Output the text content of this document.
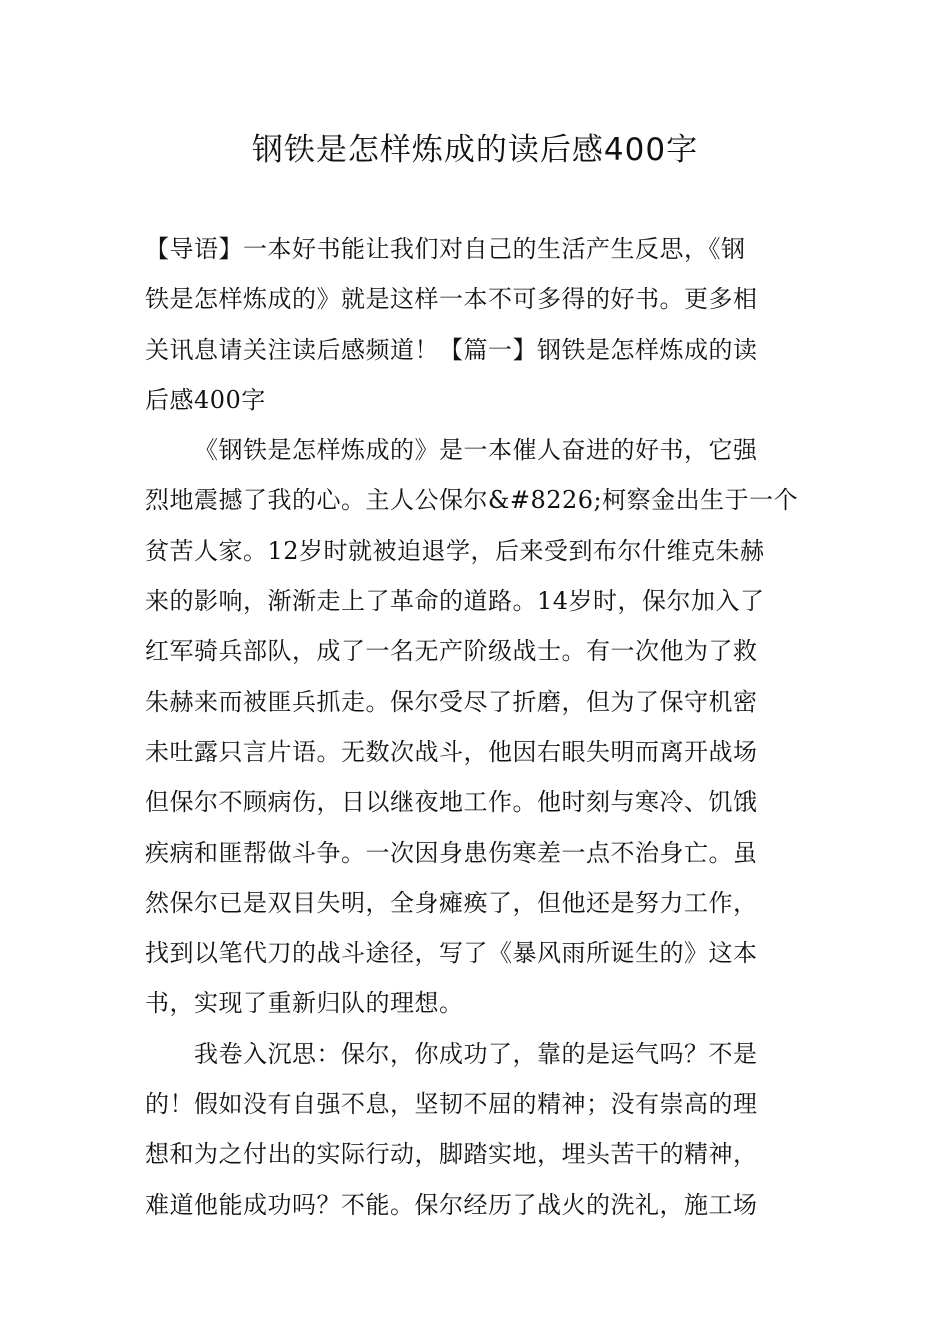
钢铁是怎样炼成的读后感400字
【导语】一本好书能让我们对自己的生活产生反思，《钢
铁是怎样炼成的》就是这样一本不可多得的好书。更多相
关讯息请关注读后感频道！【篇一】钢铁是怎样炼成的读
后感400字
《钢铁是怎样炼成的》是一本催人奋进的好书，它强
烈地震撼了我的心。主人公保尔&#8226;柯察金出生于一个
贫苦人家。12岁时就被迫退学，后来受到布尔什维克朱赫
来的影响，渐渐走上了革命的道路。14岁时，保尔加入了
红军骑兵部队，成了一名无产阶级战士。有一次他为了救
朱赫来而被匪兵抓走。保尔受尽了折磨，但为了保守机密
未吐露只言片语。无数次战斗，他因右眼失明而离开战场
但保尔不顾病伤，日以继夜地工作。他时刻与寒冷、饥饿
疾病和匪帮做斗争。一次因身患伤寒差一点不治身亡。虽
然保尔已是双目失明，全身瘫痪了，但他还是努力工作，
找到以笔代刀的战斗途径，写了《暴风雨所诞生的》这本
书，实现了重新归队的理想。
我卷入沉思：保尔，你成功了，靠的是运气吗？不是
的！假如没有自强不息，坚韧不屈的精神；没有崇高的理
想和为之付出的实际行动，脚踏实地，埋头苦干的精神，
难道他能成功吗？不能。保尔经历了战火的洗礼，施工场
